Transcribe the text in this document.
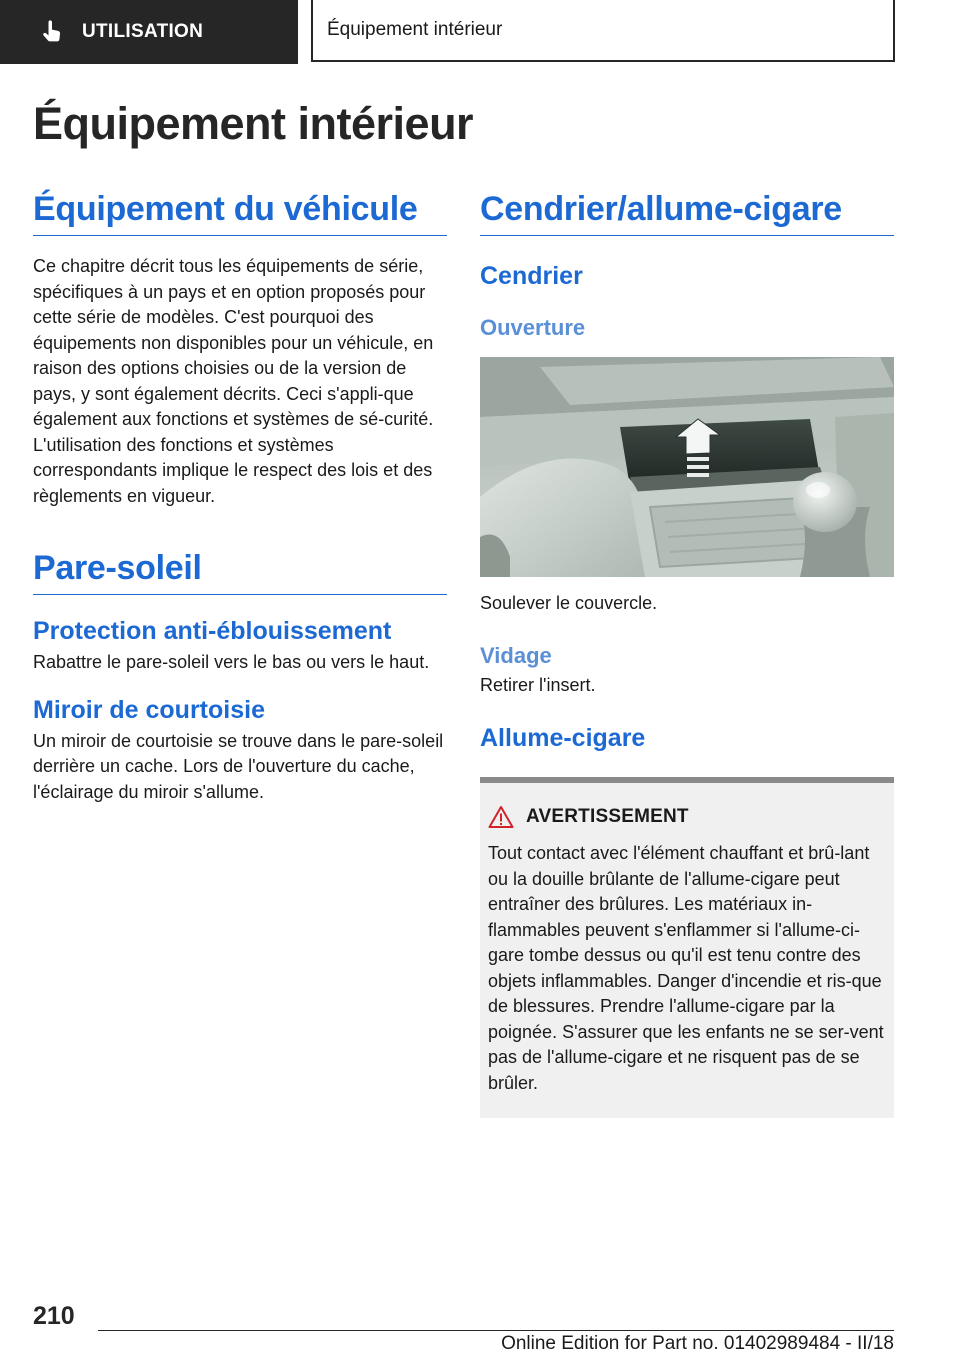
UTILISATION	Équipement intérieur
Équipement intérieur
Équipement du véhicule

Ce chapitre décrit tous les équipements de série, spécifiques à un pays et en option proposés pour cette série de modèles. C'est pourquoi des équipements non disponibles pour un véhicule, en raison des options choisies ou de la version de pays, y sont également décrits. Ceci s'appli-que également aux fonctions et systèmes de sé-curité. L'utilisation des fonctions et systèmes correspondants implique le respect des lois et des règlements en vigueur.

Pare-soleil
Protection anti-éblouissement

Rabattre le pare-soleil vers le bas ou vers le haut.

Miroir de courtoisie

Un miroir de courtoisie se trouve dans le pare-soleil derrière un cache. Lors de l'ouverture du cache, l'éclairage du miroir s'allume.

Cendrier/allume-cigare
Cendrier
Ouverture

Soulever le couvercle.

Vidage

Retirer l'insert.

Allume-cigare
AVERTISSEMENT

Tout contact avec l'élément chauffant et brû-lant ou la douille brûlante de l'allume-cigare peut entraîner des brûlures. Les matériaux in-flammables peuvent s'enflammer si l'allume-ci-gare tombe dessus ou qu'il est tenu contre des objets inflammables. Danger d'incendie et ris-que de blessures. Prendre l'allume-cigare par la poignée. S'assurer que les enfants ne se ser-vent pas de l'allume-cigare et ne risquent pas de se brûler.

210
Online Edition for Part no. 01402989484 - II/18
